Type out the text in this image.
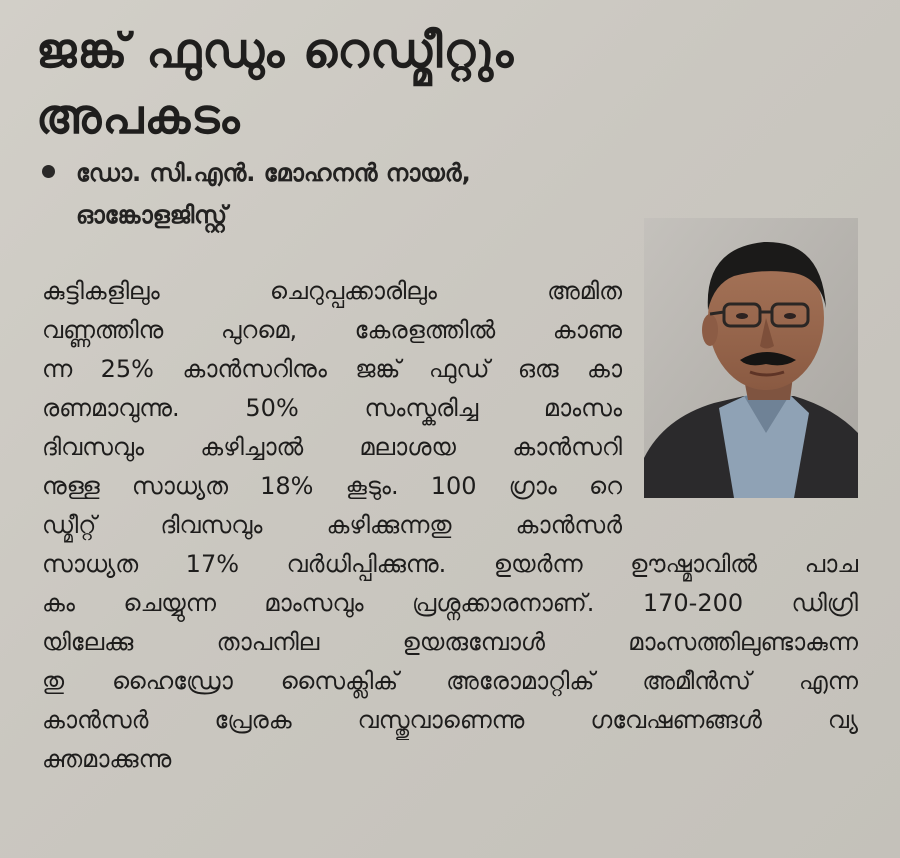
ജങ്ക് ഫുഡും റെഡ്മീറ്റും
അപകടം
ഡോ. സി.എൻ. മോഹനൻ നായർ,
ഓങ്കോളജിസ്റ്റ്
കുട്ടികളിലും ചെറുപ്പക്കാരിലും അമിത
വണ്ണത്തിനു പുറമെ, കേരളത്തിൽ കാണു
ന്ന 25% കാൻസറിനും ജങ്ക് ഫുഡ് ഒരു കാ
രണമാവുന്നു. 50% സംസ്കരിച്ച മാംസം
ദിവസവും കഴിച്ചാൽ മലാശയ കാൻസറി
നുള്ള സാധ്യത 18% കൂടും. 100 ഗ്രാം റെ
ഡ്മീറ്റ് ദിവസവും കഴിക്കുന്നതു കാൻസർ
സാധ്യത 17% വർധിപ്പിക്കുന്നു. ഉയർന്ന ഊഷ്മാവിൽ പാച
കം ചെയ്യുന്ന മാംസവും പ്രശ്നക്കാരനാണ്. 170-200 ഡിഗ്രി
യിലേക്കു താപനില ഉയരുമ്പോൾ മാംസത്തിലുണ്ടാകുന്ന
തു ഹൈഡ്രോ സൈക്ലിക് അരോമാറ്റിക് അമീൻസ് എന്ന
കാൻസർ പ്രേരക വസ്തുവാണെന്നു ഗവേഷണങ്ങൾ വ്യ
ക്തമാക്കുന്നു
